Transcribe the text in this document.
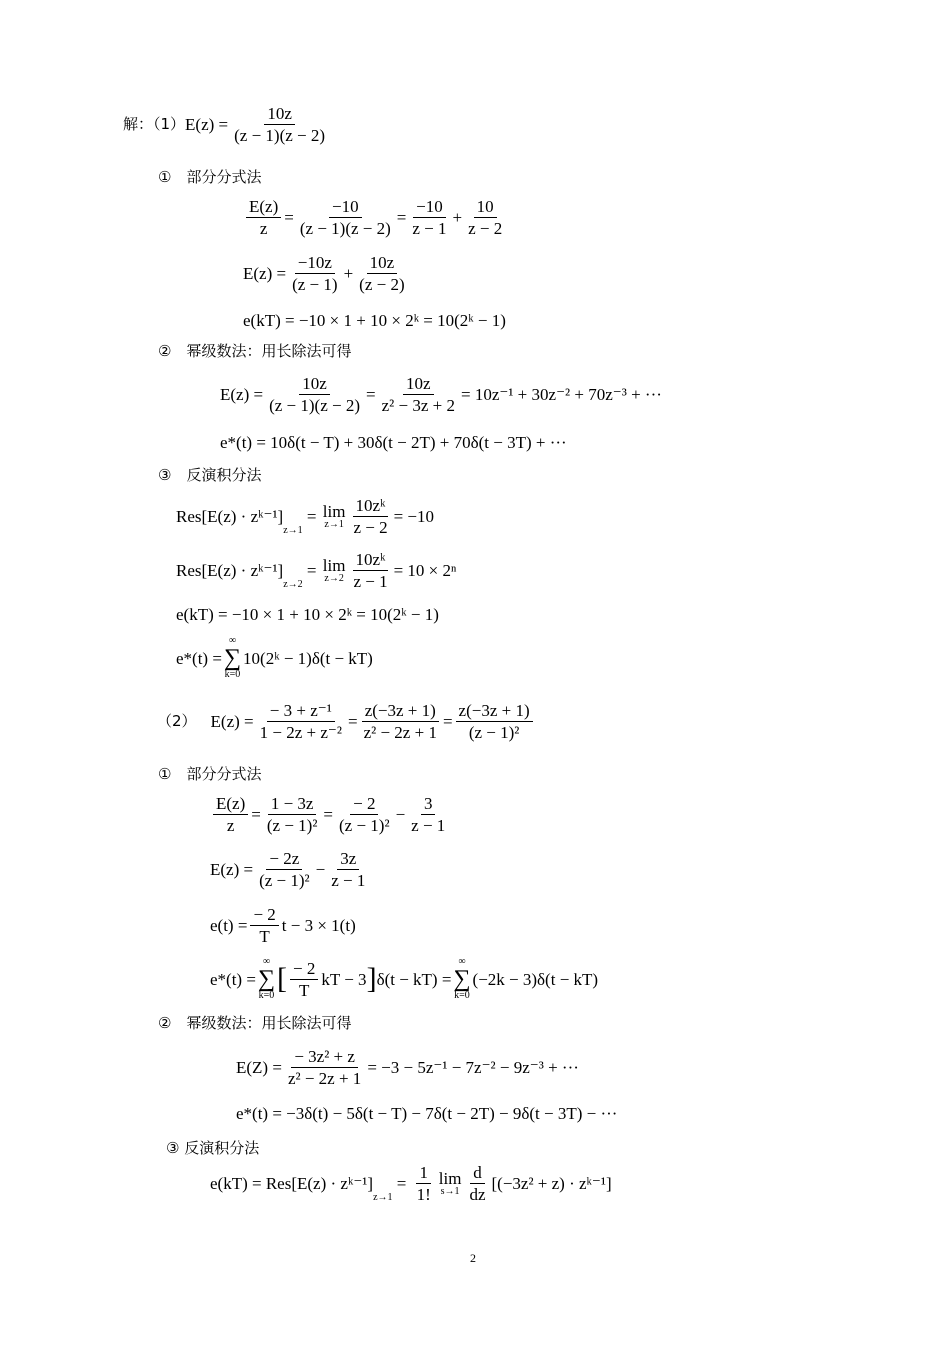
解：（1） $E(z) = \frac{10z}{(z - 1)(z - 2)}$
①　部分分式法
$\frac{E(z)}{z} = \frac{-10}{(z - 1)(z - 2)} = \frac{-10}{z - 1} + \frac{10}{z - 2}$
$E(z) = \frac{-10z}{(z - 1)} + \frac{10z}{(z - 2)}$
e(kT) = −10 × 1 + 10 × 2ᵏ = 10(2ᵏ − 1)
②　幂级数法：用长除法可得
$E(z) = \frac{10z}{(z - 1)(z - 2)} = \frac{10z}{\text{z² − 3z + 2}} = 10z^{-1} + 30z^{-2} + 70z^{-3}$ + ···
e*(t) = 10δ(t − T) + 30δ(t − 2T) + 70δ(t − 3T) + ···
③　反演积分法
Res[E(z) · zᵏ⁻¹]
z→1
= lim
$z\to 1 \frac{\text{10zᵏ}}{z - 2} = -10$
Res[E(z) · zᵏ⁻¹]
z→2
= lim
$z\to 2 \frac{\text{10zᵏ}}{z - 1} = 10 \times 2^n$
e(kT) = −10 × 1 + 10 × 2ᵏ = 10(2ᵏ − 1)
e*(t) =
∞
∑
k=0
10(2ᵏ − 1)δ(t − kT)
（2） $E(z) = \frac{\text{− 3 + z⁻¹}}{\text{1 − 2z + z⁻²}} = \frac{z(-3z + 1)}{\text{z² − 2z + 1}} = \frac{z(-3z + 1)}{\text{(z − 1)²}}$
①　部分分式法
$\frac{E(z)}{z} = \frac{1 - 3z}{\text{(z − 1)²}} = \frac{- 2}{\text{(z − 1)²}} - \frac{3}{z - 1}$
$E(z) = \frac{- 2z}{\text{(z − 1)²}} - \frac{3z}{z - 1}$
$e(t) = \frac{- 2}{T}$ t − 3 × 1(t)
e*(t) =
∞
∑
k=0
[ $\frac{- 2}{T}$ kT − 3 ] δ(t − kT) =
∞
∑
k=0
(−2k − 3)δ(t − kT)
②　幂级数法：用长除法可得
$E(Z) = \frac{\text{− 3z² + z}}{\text{z² − 2z + 1}} = -3 - 5z^{-1} - 7z^{-2} - 9z^{-3}$ + ···
e*(t) = −3δ(t) − 5δ(t − T) − 7δ(t − 2T) − 9δ(t − 3T) − ···
③ 反演积分法
e(kT) = Res[E(z) · zᵏ⁻¹]
z→1
= $\frac{1}{1!}$ lim
$s\to 1 \frac{d}{dz} [(-3z^2 + z)$ · zᵏ⁻¹]
2
